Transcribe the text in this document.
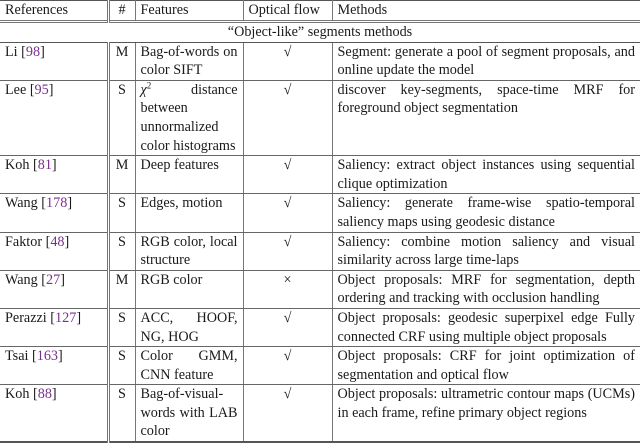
References	#	Features	Optical flow	Methods
“Object-like” segments methods				
Li [98]	M	Bag-of-words on color SIFT	√	Segment: generate a pool of segment proposals, and online update the model
Lee [95]	S	$\chi^2$ distance between unnormalized color histograms	√	discover key-segments, space-time MRF for foreground object segmentation
Koh [81]	M	Deep features	√	Saliency: extract object instances using sequential clique optimization
Wang [178]	S	Edges, motion	√	Saliency: generate frame-wise spatio-temporal saliency maps using geodesic distance
Faktor [48]	S	RGB color, local structure	√	Saliency: combine motion saliency and visual similarity across large time-laps
Wang [27]	M	RGB color	×	Object proposals: MRF for segmentation, depth ordering and tracking with occlusion handling
Perazzi [127]	S	ACC, HOOF, NG, HOG	√	Object proposals: geodesic superpixel edge Fully connected CRF using multiple object proposals
Tsai [163]	S	Color GMM, CNN feature	√	Object proposals: CRF for joint optimization of segmentation and optical flow
Koh [88]	S	Bag-of-visual-words with LAB color	√	Object proposals: ultrametric contour maps (UCMs) in each frame, refine primary object regions
